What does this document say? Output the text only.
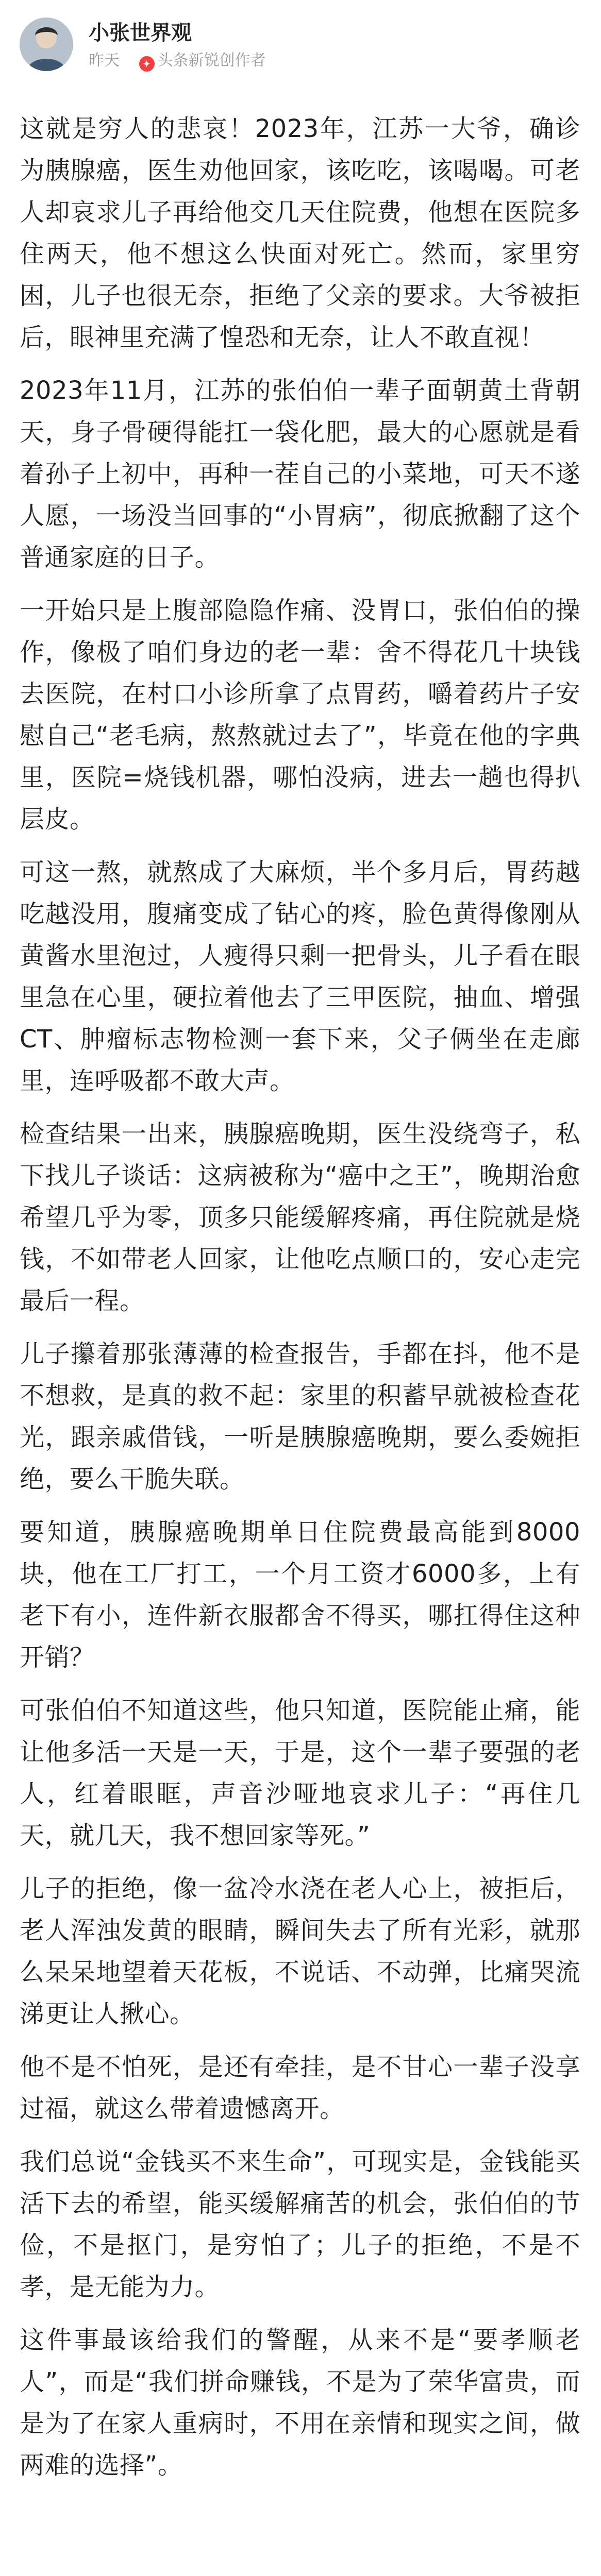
小张世界观
昨天 ✦ 头条新锐创作者

这就是穷人的悲哀！2023年，江苏一大爷，确诊为胰腺癌，医生劝他回家，该吃吃，该喝喝。可老人却哀求儿子再给他交几天住院费，他想在医院多住两天，他不想这么快面对死亡。然而，家里穷困，儿子也很无奈，拒绝了父亲的要求。大爷被拒后，眼神里充满了惶恐和无奈，让人不敢直视！

2023年11月，江苏的张伯伯一辈子面朝黄土背朝天，身子骨硬得能扛一袋化肥，最大的心愿就是看着孙子上初中，再种一茬自己的小菜地，可天不遂人愿，一场没当回事的“小胃病”，彻底掀翻了这个普通家庭的日子。

一开始只是上腹部隐隐作痛、没胃口，张伯伯的操作，像极了咱们身边的老一辈：舍不得花几十块钱去医院，在村口小诊所拿了点胃药，嚼着药片子安慰自己“老毛病，熬熬就过去了”，毕竟在他的字典里，医院=烧钱机器，哪怕没病，进去一趟也得扒层皮。

可这一熬，就熬成了大麻烦，半个多月后，胃药越吃越没用，腹痛变成了钻心的疼，脸色黄得像刚从黄酱水里泡过，人瘦得只剩一把骨头，儿子看在眼里急在心里，硬拉着他去了三甲医院，抽血、增强CT、肿瘤标志物检测一套下来，父子俩坐在走廊里，连呼吸都不敢大声。

检查结果一出来，胰腺癌晚期，医生没绕弯子，私下找儿子谈话：这病被称为“癌中之王”，晚期治愈希望几乎为零，顶多只能缓解疼痛，再住院就是烧钱，不如带老人回家，让他吃点顺口的，安心走完最后一程。

儿子攥着那张薄薄的检查报告，手都在抖，他不是不想救，是真的救不起：家里的积蓄早就被检查花光，跟亲戚借钱，一听是胰腺癌晚期，要么委婉拒绝，要么干脆失联。

要知道，胰腺癌晚期单日住院费最高能到8000块，他在工厂打工，一个月工资才6000多，上有老下有小，连件新衣服都舍不得买，哪扛得住这种开销？

可张伯伯不知道这些，他只知道，医院能止痛，能让他多活一天是一天，于是，这个一辈子要强的老人，红着眼眶，声音沙哑地哀求儿子：“再住几天，就几天，我不想回家等死。”

儿子的拒绝，像一盆冷水浇在老人心上，被拒后，老人浑浊发黄的眼睛，瞬间失去了所有光彩，就那么呆呆地望着天花板，不说话、不动弹，比痛哭流涕更让人揪心。

他不是不怕死，是还有牵挂，是不甘心一辈子没享过福，就这么带着遗憾离开。

我们总说“金钱买不来生命”，可现实是，金钱能买活下去的希望，能买缓解痛苦的机会，张伯伯的节俭，不是抠门，是穷怕了；儿子的拒绝，不是不孝，是无能为力。

这件事最该给我们的警醒，从来不是“要孝顺老人”，而是“我们拼命赚钱，不是为了荣华富贵，而是为了在家人重病时，不用在亲情和现实之间，做两难的选择”。
